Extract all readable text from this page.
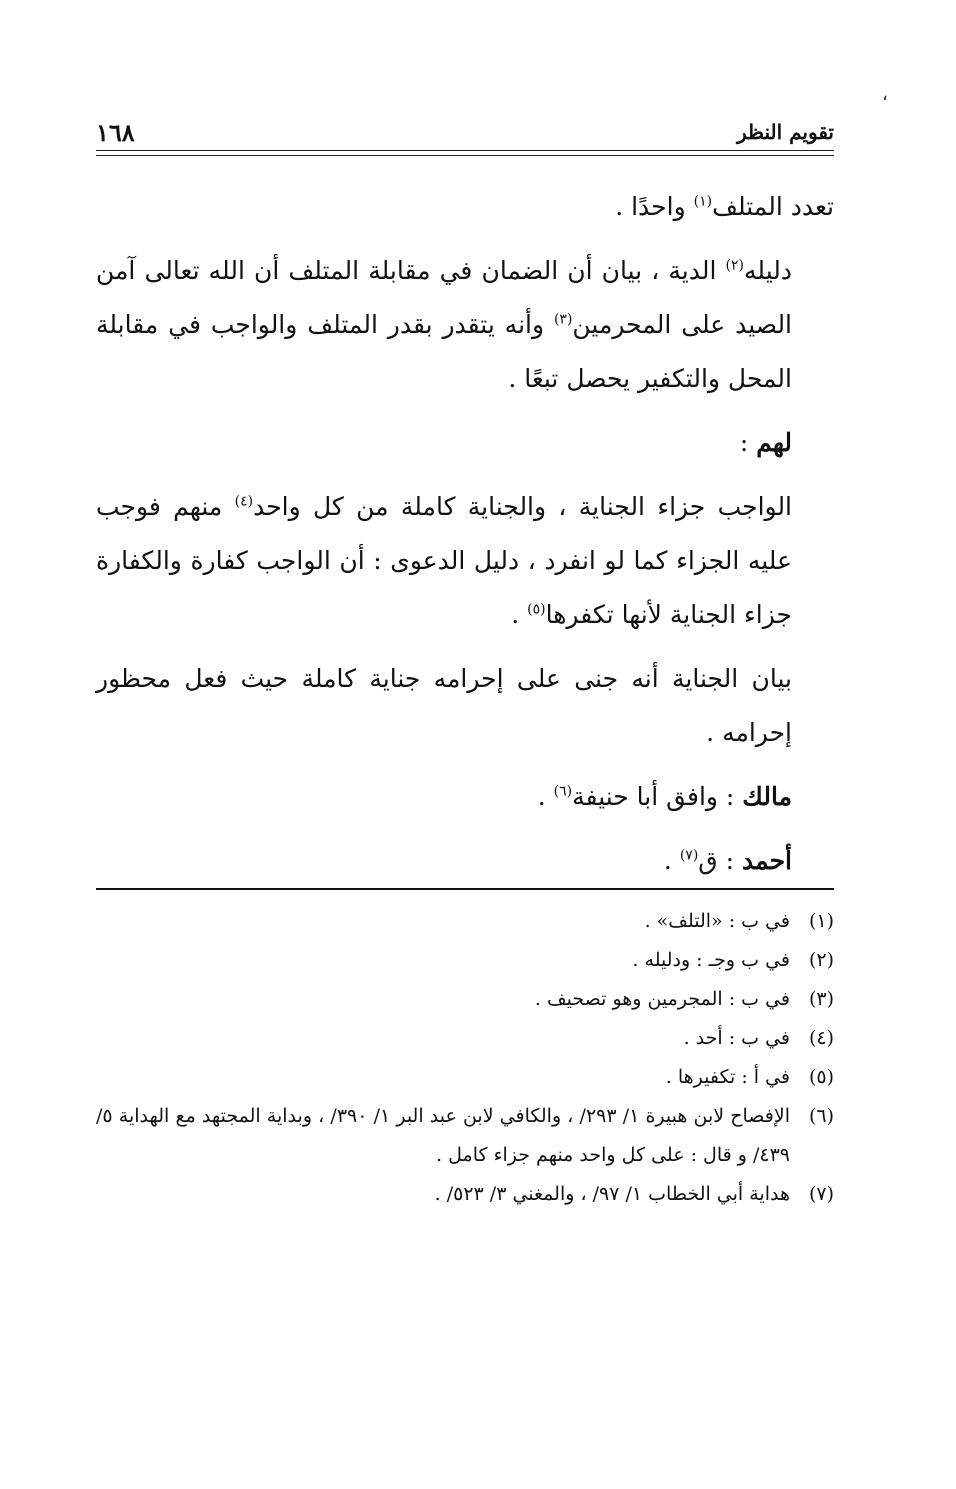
،
تقويم النظر
١٦٨

تعدد المتلف$^{(١)}$ واحدًا .

دليله$^{(٢)}$ الدية ، بيان أن الضمان في مقابلة المتلف أن الله تعالى آمن الصيد على المحرمين$^{(٣)}$ وأنه يتقدر بقدر المتلف والواجب في مقابلة المحل والتكفير يحصل تبعًا .

لهم :

الواجب جزاء الجناية ، والجناية كاملة من كل واحد$^{(٤)}$ منهم فوجب عليه الجزاء كما لو انفرد ، دليل الدعوى : أن الواجب كفارة والكفارة جزاء الجناية لأنها تكفرها$^{(٥)}$ .

بيان الجناية أنه جنى على إحرامه جناية كاملة حيث فعل محظور إحرامه .

مالك : وافق أبا حنيفة$^{(٦)}$ .

أحمد : ق$^{(٧)}$ .

(١)
في ب : «التلف» .
(٢)
في ب وجـ : ودليله .
(٣)
في ب : المجرمين وهو تصحيف .
(٤)
في ب : أحد .
(٥)
في أ : تكفيرها .
(٦)
الإفصاح لابن هبيرة ١/ ٢٩٣/ ، والكافي لابن عبد البر ١/ ٣٩٠/ ، وبداية المجتهد مع الهداية ٥/ ٤٣٩/ و قال : على كل واحد منهم جزاء كامل .
(٧)
هداية أبي الخطاب ١/ ٩٧/ ، والمغني ٣/ ٥٢٣/ .
